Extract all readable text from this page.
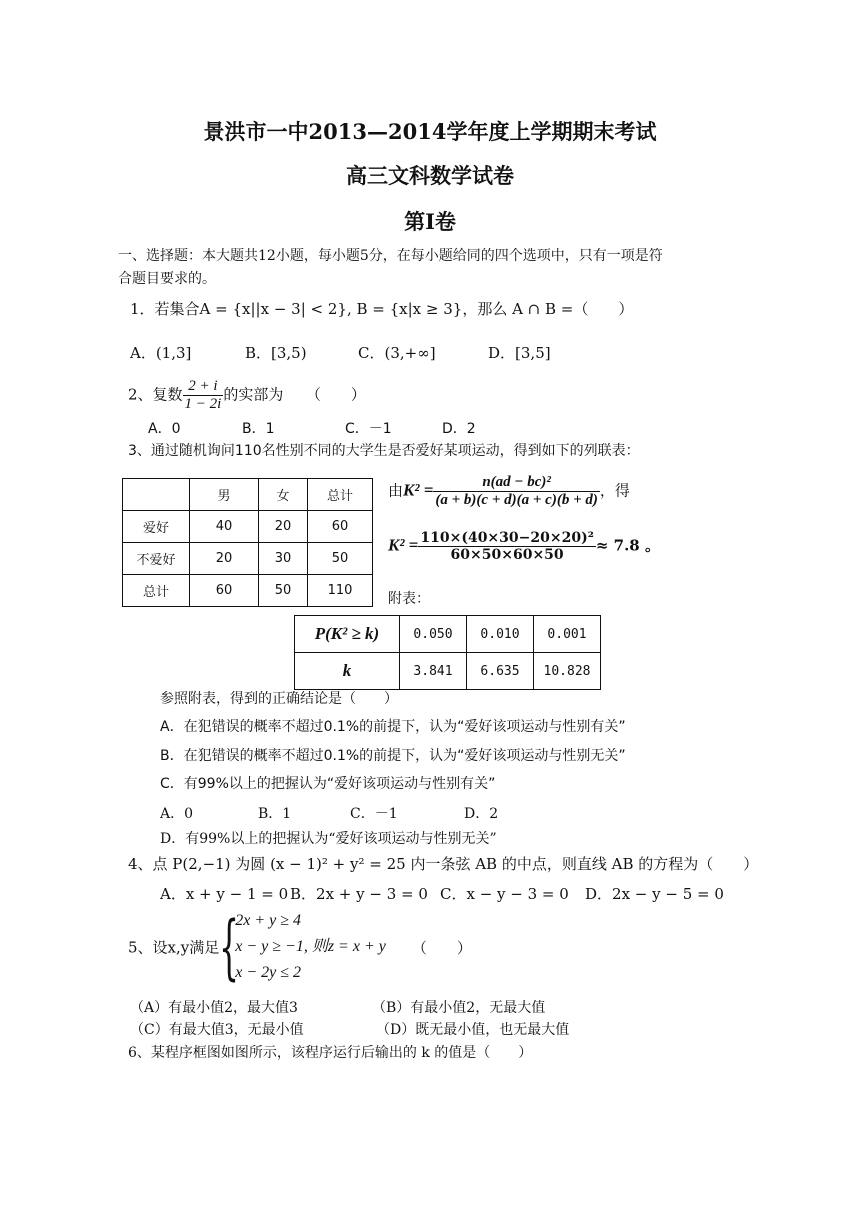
景洪市一中2013—2014学年度上学期期末考试
高三文科数学试卷
第Ⅰ卷
一、选择题：本大题共12小题，每小题5分，在每小题给同的四个选项中，只有一项是符
合题目要求的。
1．若集合A = {x||x − 3| < 2}, B = {x|x ≥ 3}，那么 A ∩ B =（　　）
A．(1,3]	B．[3,5)	C．(3,+∞]	D．[3,5]
2、复数 $\frac{2 + i}{1 - 2i}$ 的实部为　　（　　）
A．0	B．1	C．－1	D．2
3、通过随机询问110名性别不同的大学生是否爱好某项运动，得到如下的列联表：
	男	女	总计
爱好	40	20	60
不爱好	20	30	50
总计	60	50	110
由$K^2 = \frac{\text{n(ad − bc)²}}{(a + b)(c + d)(a + c)(b + d)}$ ，得
$K^2 = \frac{\text{110×(40×30−20×20)²}}{60\times 50\times 60\times 50} \approx 7.8$ 。
附表：
P(K² ≥ k)	0.050	0.010	0.001
k	3.841	6.635	10.828
参照附表，得到的正确结论是（　　）
A．在犯错误的概率不超过0.1%的前提下，认为“爱好该项运动与性别有关”
B．在犯错误的概率不超过0.1%的前提下，认为“爱好该项运动与性别无关”
C．有99%以上的把握认为“爱好该项运动与性别有关”
A．0	B．1	C．－1	D．2
D．有99%以上的把握认为“爱好该项运动与性别无关”
4、点 P(2,−1) 为圆 (x − 1)² + y² = 25 内一条弦 AB 的中点，则直线 AB 的方程为（　　）
A．x + y − 1 = 0 B．2x + y − 3 = 0 C．x − y − 3 = 0 D．2x − y − 5 = 0
5、设x,y满足{
2x + y ≥ 4
x − y ≥ −1, 则z = x + y
x − 2y ≤ 2
（　　）
（A）有最小值2，最大值3	（B）有最小值2，无最大值
（C）有最大值3，无最小值	（D）既无最小值，也无最大值
6、某程序框图如图所示，该程序运行后输出的 k 的值是（　　）
